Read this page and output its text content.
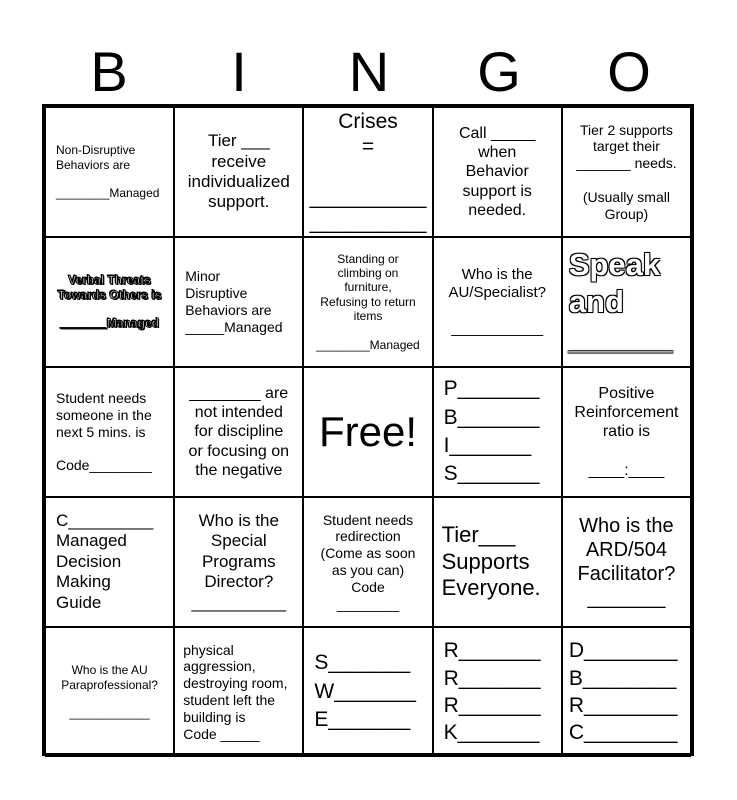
B	I	N	G	O
Non-Disruptive
Behaviors are

________Managed
Tier ___
receive
individualized
support.
Crises
=

__________
__________
Call _____
when
Behavior
support is
needed.
Tier 2 supports
target their
_______ needs.

(Usually small
Group)
Verbal Threats
Towards Others is

_______Managed
Minor
Disruptive
Behaviors are
_____Managed
Standing or
climbing on
furniture,
Refusing to return
items

________Managed
Who is the
AU/Specialist?

___________
Speak
and
______
Student needs
someone in the
next 5 mins. is

Code________
________ are
not intended
for discipline
or focusing on
the negative
Free!
P_______
B_______
I_______
S_______
Positive
Reinforcement
ratio is

____:____
C_________
Managed
Decision
Making
Guide
Who is the
Special
Programs
Director?
__________
Student needs
redirection
(Come as soon
as you can)
Code
________
Tier___
Supports
Everyone.
Who is the
ARD/504
Facilitator?
_______
Who is the AU
Paraprofessional?

____________
physical
aggression,
destroying room,
student left the
building is
Code _____
S_______
W_______
E_______
R_______
R_______
R_______
K_______
D________
B________
R________
C________
